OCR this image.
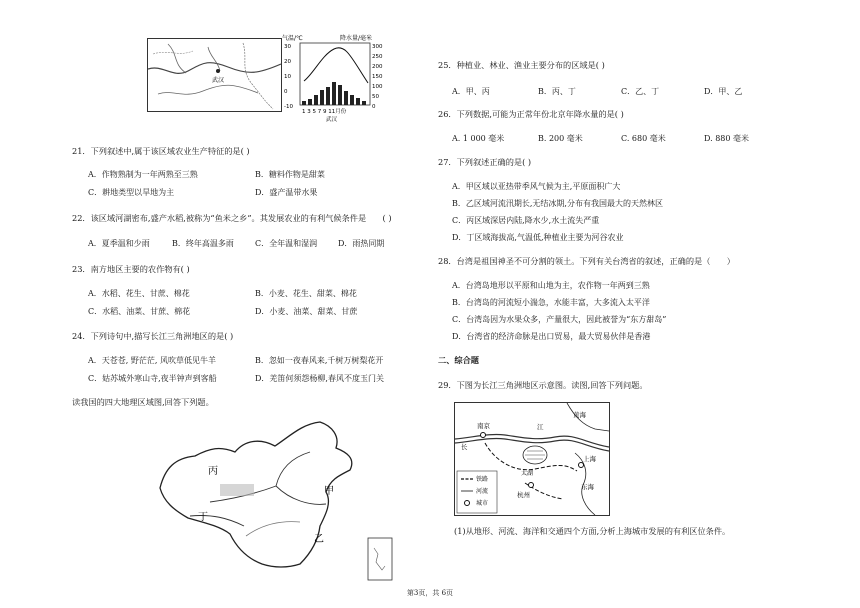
武汉
气温/℃	降水量/毫米
30
20
10
0
-10
300
250
200
150
100
50
0
1 3 5 7 9 11月份
武汉
21．下列叙述中,属于该区域农业生产特征的是( )
A．作物熟制为一年两熟至三熟	B．糖料作物是甜菜
C．耕地类型以旱地为主	D．盛产温带水果
22．该区域河湖密布,盛产水稻,被称为“鱼米之乡”。其发展农业的有利气候条件是　　( )
A．夏季温和少雨	B．终年高温多雨	C．全年温和湿润	D．雨热同期
23．南方地区主要的农作物有( )
A．水稻、花生、甘蔗、棉花	B．小麦、花生、甜菜、棉花
C．水稻、油菜、甘蔗、棉花	D．小麦、油菜、甜菜、甘蔗
24．下列诗句中,描写长江三角洲地区的是( )
A．天苍苍, 野茫茫, 风吹草低见牛羊	B．忽如一夜春风来,千树万树梨花开
C．姑苏城外寒山寺,夜半钟声到客船	D．羌笛何须怨杨柳,春风不度玉门关
读我国的四大地理区域图,回答下列题。
丙
丁
甲
乙
25．种植业、林业、渔业主要分布的区域是( )
A．甲、丙	B．丙、丁	C．乙、丁	D．甲、乙
26．下列数据,可能为正常年份北京年降水量的是( )
A. 1 000 毫米	B. 200 毫米	C. 680 毫米	D. 880 毫米
27．下列叙述正确的是( )
A．甲区域以亚热带季风气候为主,平原面积广大
B．乙区域河流汛期长,无结冰期,分布有我国最大的天然林区
C．丙区域深居内陆,降水少,水土流失严重
D．丁区域海拔高,气温低,种植业主要为河谷农业
28．台湾是祖国神圣不可分割的领土。下列有关台湾省的叙述，正确的是（　　）
A．台湾岛地形以平原和山地为主，农作物一年两到三熟
B．台湾岛的河流短小湍急，水能丰富，大多流入太平洋
C．台湾岛因为水果众多，产量很大，因此被誉为“东方甜岛”
D．台湾省的经济命脉是出口贸易，最大贸易伙伴是香港
二、综合题
29．下图为长江三角洲地区示意图。读图,回答下列问题。
黄海
南京	江
长
太湖
上海
东海
杭州
铁路
河流
城市
(1)从地形、河流、海洋和交通四个方面,分析上海城市发展的有利区位条件。
第3页，共 6页
